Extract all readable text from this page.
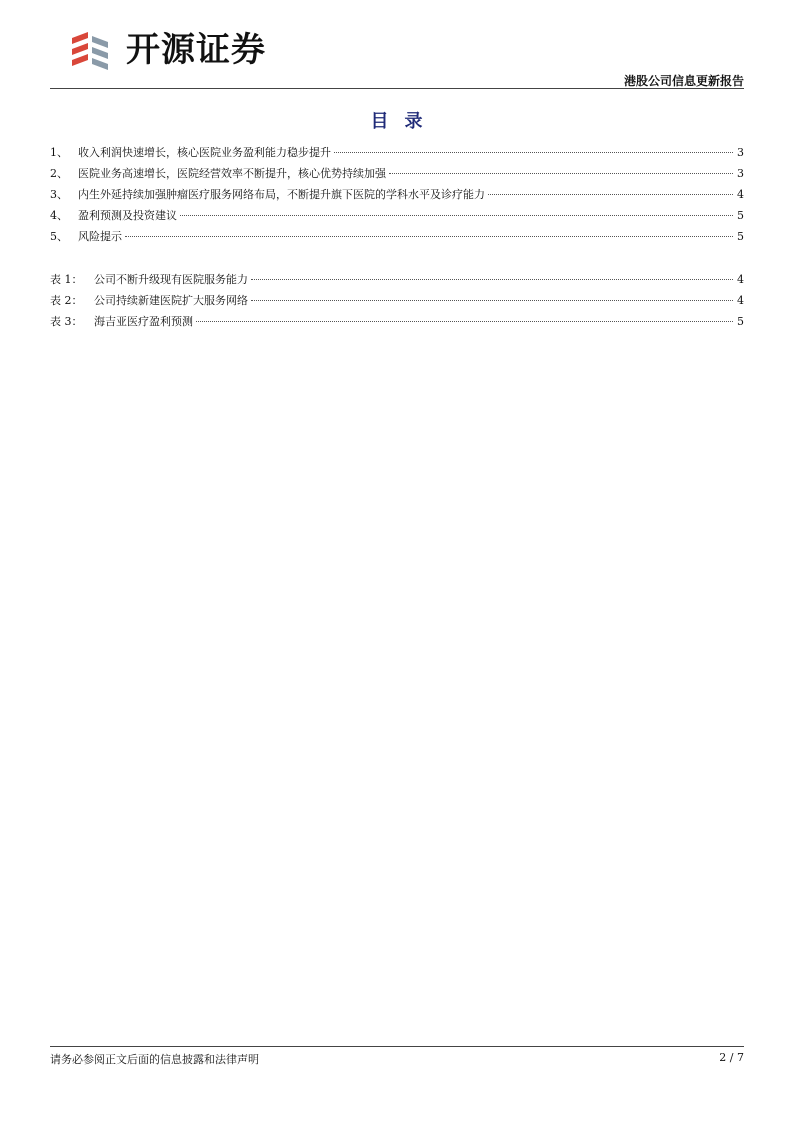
开源证券
港股公司信息更新报告
目录
1、 收入利润快速增长，核心医院业务盈利能力稳步提升	3
2、 医院业务高速增长，医院经营效率不断提升，核心优势持续加强	3
3、 内生外延持续加强肿瘤医疗服务网络布局，不断提升旗下医院的学科水平及诊疗能力	4
4、 盈利预测及投资建议	5
5、 风险提示	5
表 1：	公司不断升级现有医院服务能力	4
表 2：	公司持续新建医院扩大服务网络	4
表 3：	海吉亚医疗盈利预测	5
请务必参阅正文后面的信息披露和法律声明	2 / 7
